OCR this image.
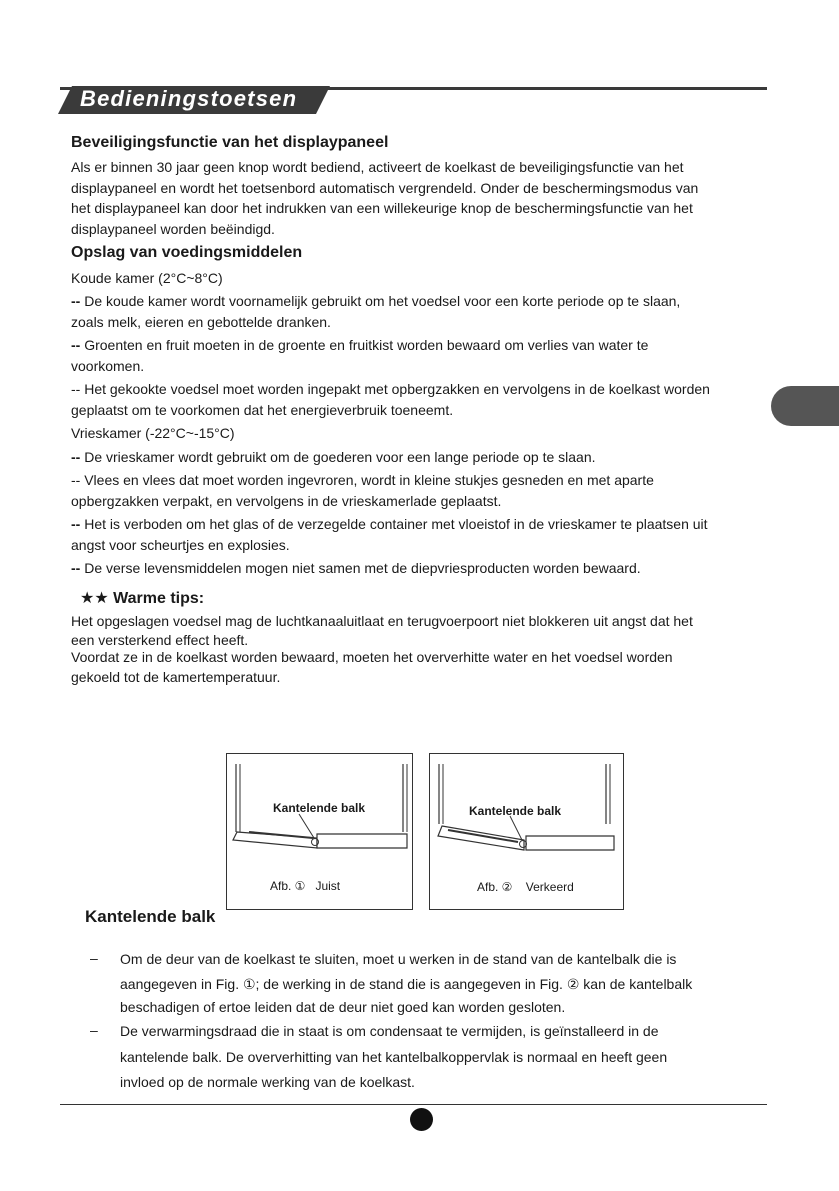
Bedieningstoetsen
Beveiligingsfunctie van het displaypaneel
Als er binnen 30 jaar geen knop wordt bediend, activeert de koelkast de beveiligingsfunctie van het
displaypaneel en wordt het toetsenbord automatisch vergrendeld. Onder de beschermingsmodus van
het displaypaneel kan door het indrukken van een willekeurige knop de beschermingsfunctie van het
displaypaneel worden beëindigd.
Opslag van voedingsmiddelen
Koude kamer (2°C~8°C)
-- De koude kamer wordt voornamelijk gebruikt om het voedsel voor een korte periode op te slaan,
zoals melk, eieren en gebottelde dranken.
-- Groenten en fruit moeten in de groente en fruitkist worden bewaard om verlies van water te
voorkomen.
-- Het gekookte voedsel moet worden ingepakt met opbergzakken en vervolgens in de koelkast worden
geplaatst om te voorkomen dat het energieverbruik toeneemt.
Vrieskamer (-22°C~-15°C)
-- De vrieskamer wordt gebruikt om de goederen voor een lange periode op te slaan.
-- Vlees en vlees dat moet worden ingevroren, wordt in kleine stukjes gesneden en met aparte
opbergzakken verpakt, en vervolgens in de vrieskamerlade geplaatst.
-- Het is verboden om het glas of de verzegelde container met vloeistof in de vrieskamer te plaatsen uit
angst voor scheurtjes en explosies.
-- De verse levensmiddelen mogen niet samen met de diepvriesproducten worden bewaard.
★★ Warme tips:
Het opgeslagen voedsel mag de luchtkanaaluitlaat en terugvoerpoort niet blokkeren uit angst dat het
een versterkend effect heeft.
Voordat ze in de koelkast worden bewaard, moeten het oververhitte water en het voedsel worden
gekoeld tot de kamertemperatuur.
Kantelende balk
Afb. ① Juist
Kantelende balk
Afb. ② Verkeerd
Kantelende balk
– Om de deur van de koelkast te sluiten, moet u werken in de stand van de kantelbalk die is
aangegeven in Fig. ①; de werking in de stand die is aangegeven in Fig. ② kan de kantelbalk
beschadigen of ertoe leiden dat de deur niet goed kan worden gesloten.
– De verwarmingsdraad die in staat is om condensaat te vermijden, is geïnstalleerd in de
kantelende balk. De oververhitting van het kantelbalkoppervlak is normaal en heeft geen
invloed op de normale werking van de koelkast.
